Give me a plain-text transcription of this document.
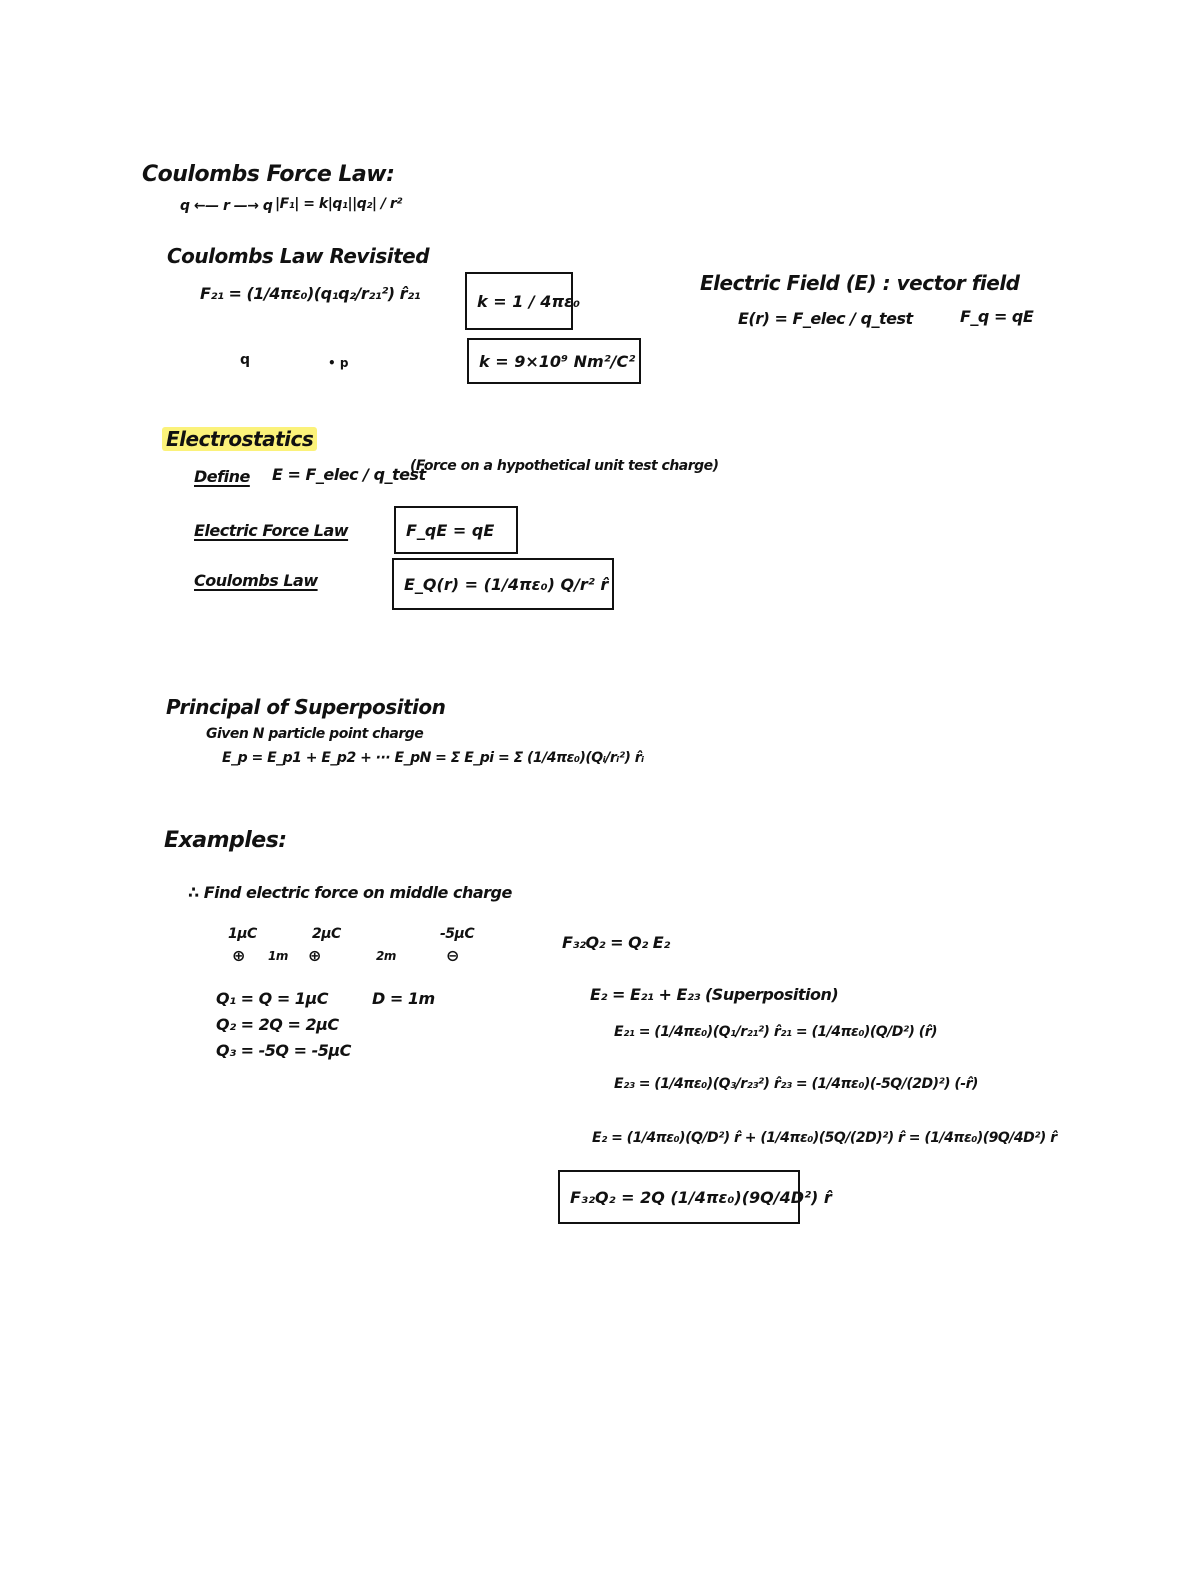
Coulombs Force Law:
q ←— r —→ q |F₁| = k|q₁||q₂| / r²
Coulombs Law Revisited
F₂₁ = (1/4πε₀)(q₁q₂/r₂₁²) r̂₂₁
q	• p
k = 1 / 4πε₀
k = 9×10⁹ Nm²/C²
Electric Field (E) : vector field
E(r) = F_elec / q_test	F_q = qE
Electrostatics
Define E = F_elec / q_test
(Force on a hypothetical unit test charge)
Electric Force Law	F_qE = qE
Coulombs Law	E_Q(r) = (1/4πε₀) Q/r² r̂
Principal of Superposition
Given N particle point charge
E_p = E_p1 + E_p2 + ··· E_pN = Σ E_pi = Σ (1/4πε₀)(Qᵢ/rᵢ²) r̂ᵢ
Examples:
∴ Find electric force on middle charge
1μC	2μC	-5μC
⊕ 1m ⊕	2m	⊖
Q₁ = Q = 1μC
Q₂ = 2Q = 2μC
Q₃ = -5Q = -5μC
D = 1m
F₃₂Q₂ = Q₂ E₂
E₂ = E₂₁ + E₂₃ (Superposition)
E₂₁ = (1/4πε₀)(Q₁/r₂₁²) r̂₂₁ = (1/4πε₀)(Q/D²) (r̂)
E₂₃ = (1/4πε₀)(Q₃/r₂₃²) r̂₂₃ = (1/4πε₀)(-5Q/(2D)²) (-r̂)
E₂ = (1/4πε₀)(Q/D²) r̂ + (1/4πε₀)(5Q/(2D)²) r̂ = (1/4πε₀)(9Q/4D²) r̂
F₃₂Q₂ = 2Q (1/4πε₀)(9Q/4D²) r̂
